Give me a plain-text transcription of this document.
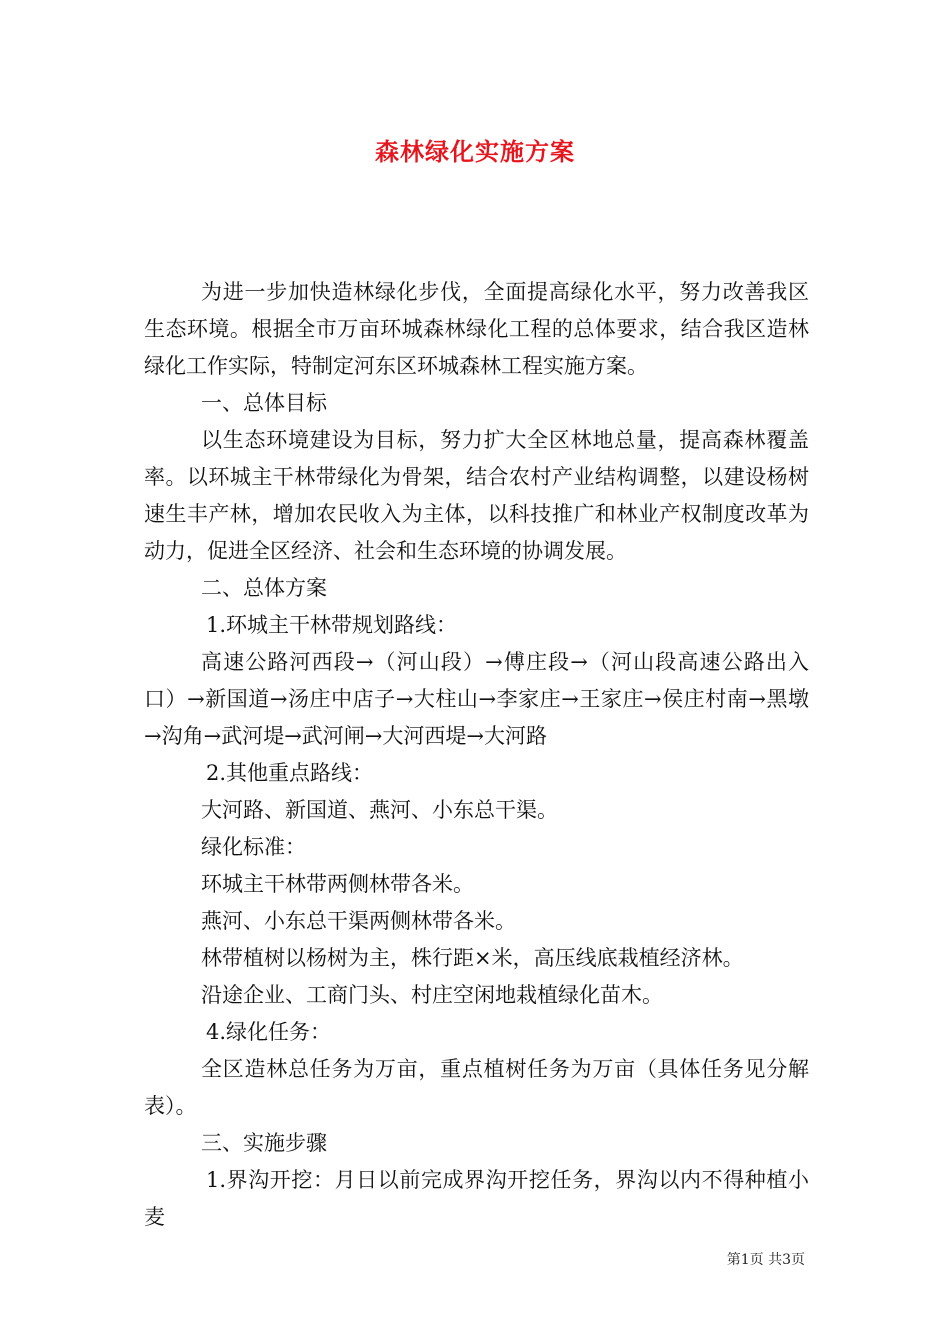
森林绿化实施方案

为进一步加快造林绿化步伐，全面提高绿化水平，努力改善我区生态环境。根据全市万亩环城森林绿化工程的总体要求，结合我区造林绿化工作实际，特制定河东区环城森林工程实施方案。

一、总体目标

以生态环境建设为目标，努力扩大全区林地总量，提高森林覆盖率。以环城主干林带绿化为骨架，结合农村产业结构调整，以建设杨树速生丰产林，增加农民收入为主体，以科技推广和林业产权制度改革为动力，促进全区经济、社会和生态环境的协调发展。

二、总体方案

1.环城主干林带规划路线：

高速公路河西段→（河山段）→傅庄段→（河山段高速公路出入口）→新国道→汤庄中店子→大柱山→李家庄→王家庄→侯庄村南→黑墩→沟角→武河堤→武河闸→大河西堤→大河路

2.其他重点路线：

大河路、新国道、燕河、小东总干渠。

绿化标准：

环城主干林带两侧林带各米。

燕河、小东总干渠两侧林带各米。

林带植树以杨树为主，株行距×米，高压线底栽植经济林。

沿途企业、工商门头、村庄空闲地栽植绿化苗木。

4.绿化任务：

全区造林总任务为万亩，重点植树任务为万亩（具体任务见分解表）。

三、实施步骤

1.界沟开挖：月日以前完成界沟开挖任务，界沟以内不得种植小麦

第1页 共3页
